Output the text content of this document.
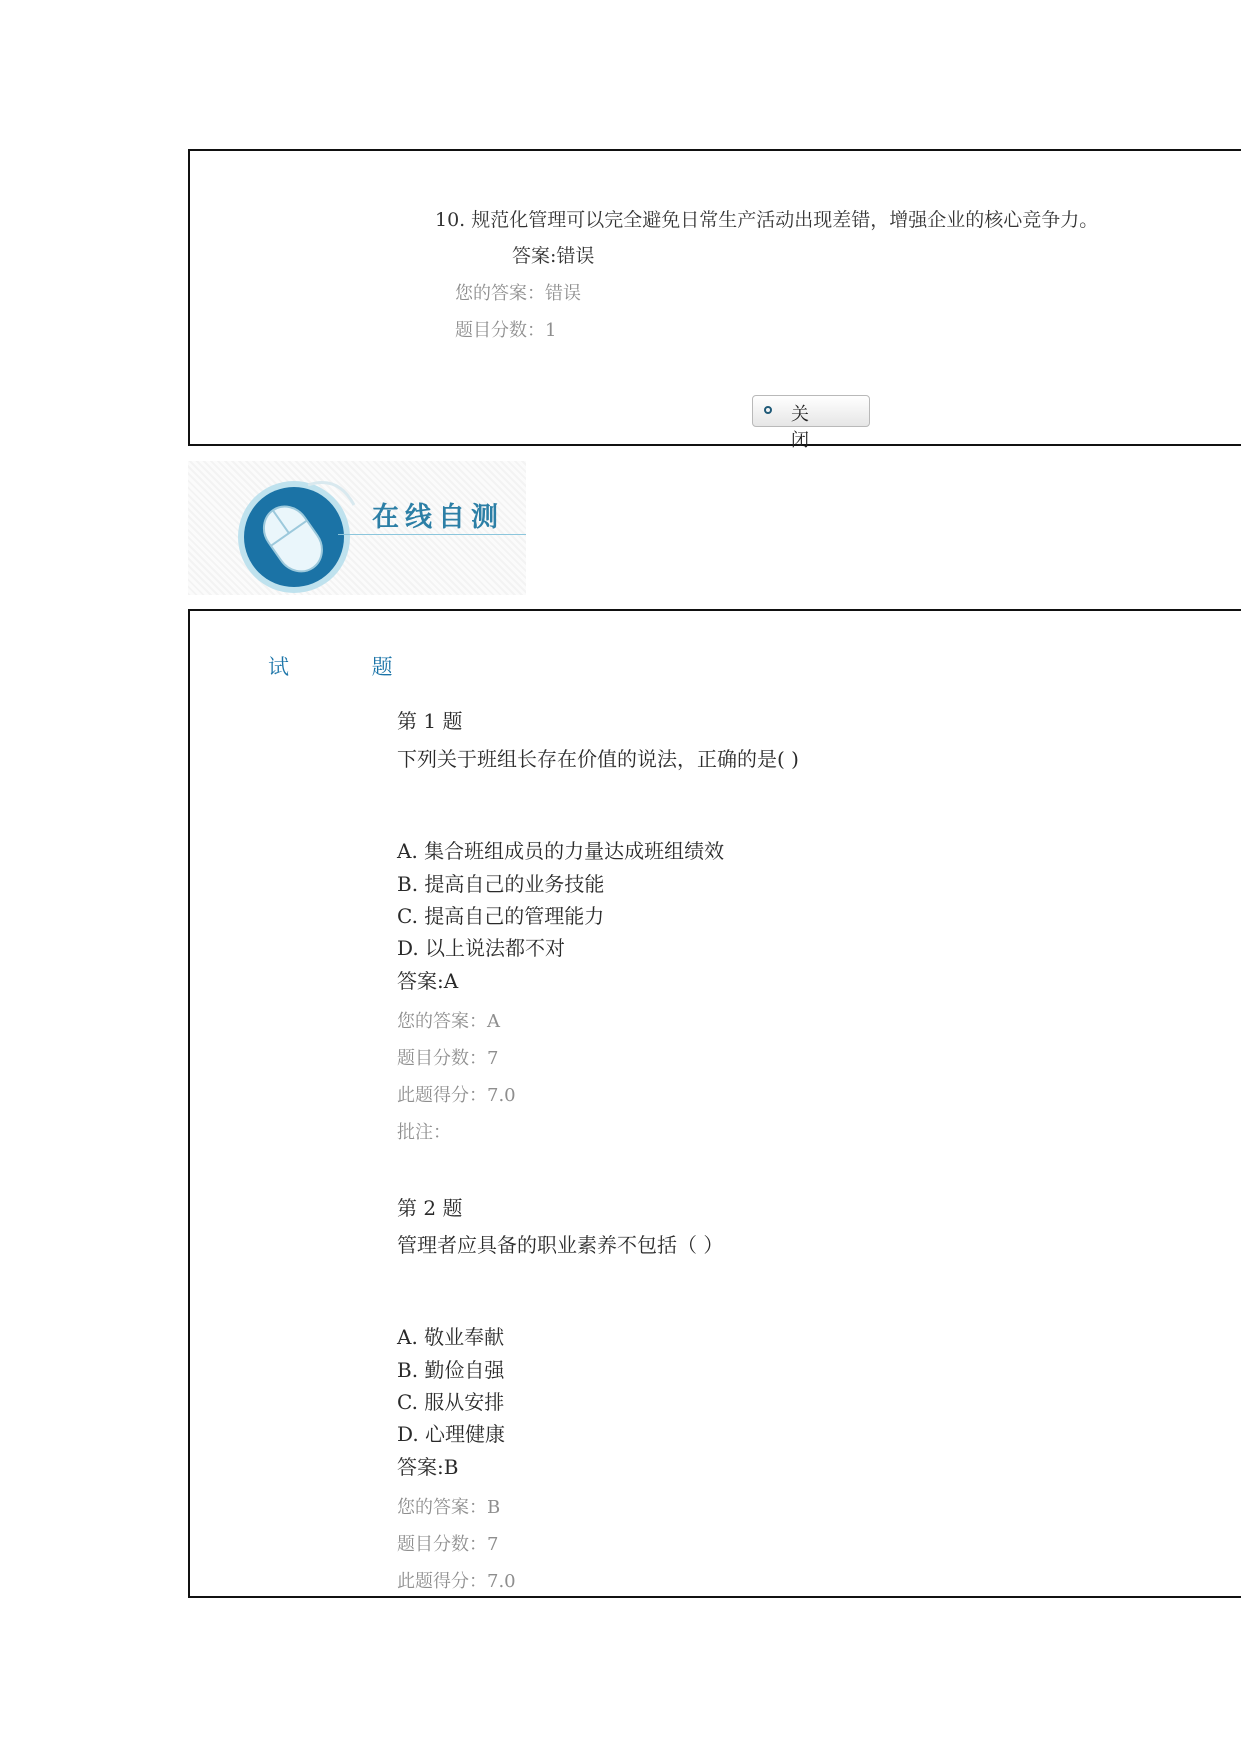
10. 规范化管理可以完全避免日常生产活动出现差错，增强企业的核心竞争力。
答案:错误
您的答案：错误
题目分数：1
关 闭
在线自测
试 题
第 1 题
下列关于班组长存在价值的说法，正确的是( )
A. 集合班组成员的力量达成班组绩效
B. 提高自己的业务技能
C. 提高自己的管理能力
D. 以上说法都不对
答案:A
您的答案：A
题目分数：7
此题得分：7.0
批注：
第 2 题
管理者应具备的职业素养不包括（ ）
A. 敬业奉献
B. 勤俭自强
C. 服从安排
D. 心理健康
答案:B
您的答案：B
题目分数：7
此题得分：7.0
